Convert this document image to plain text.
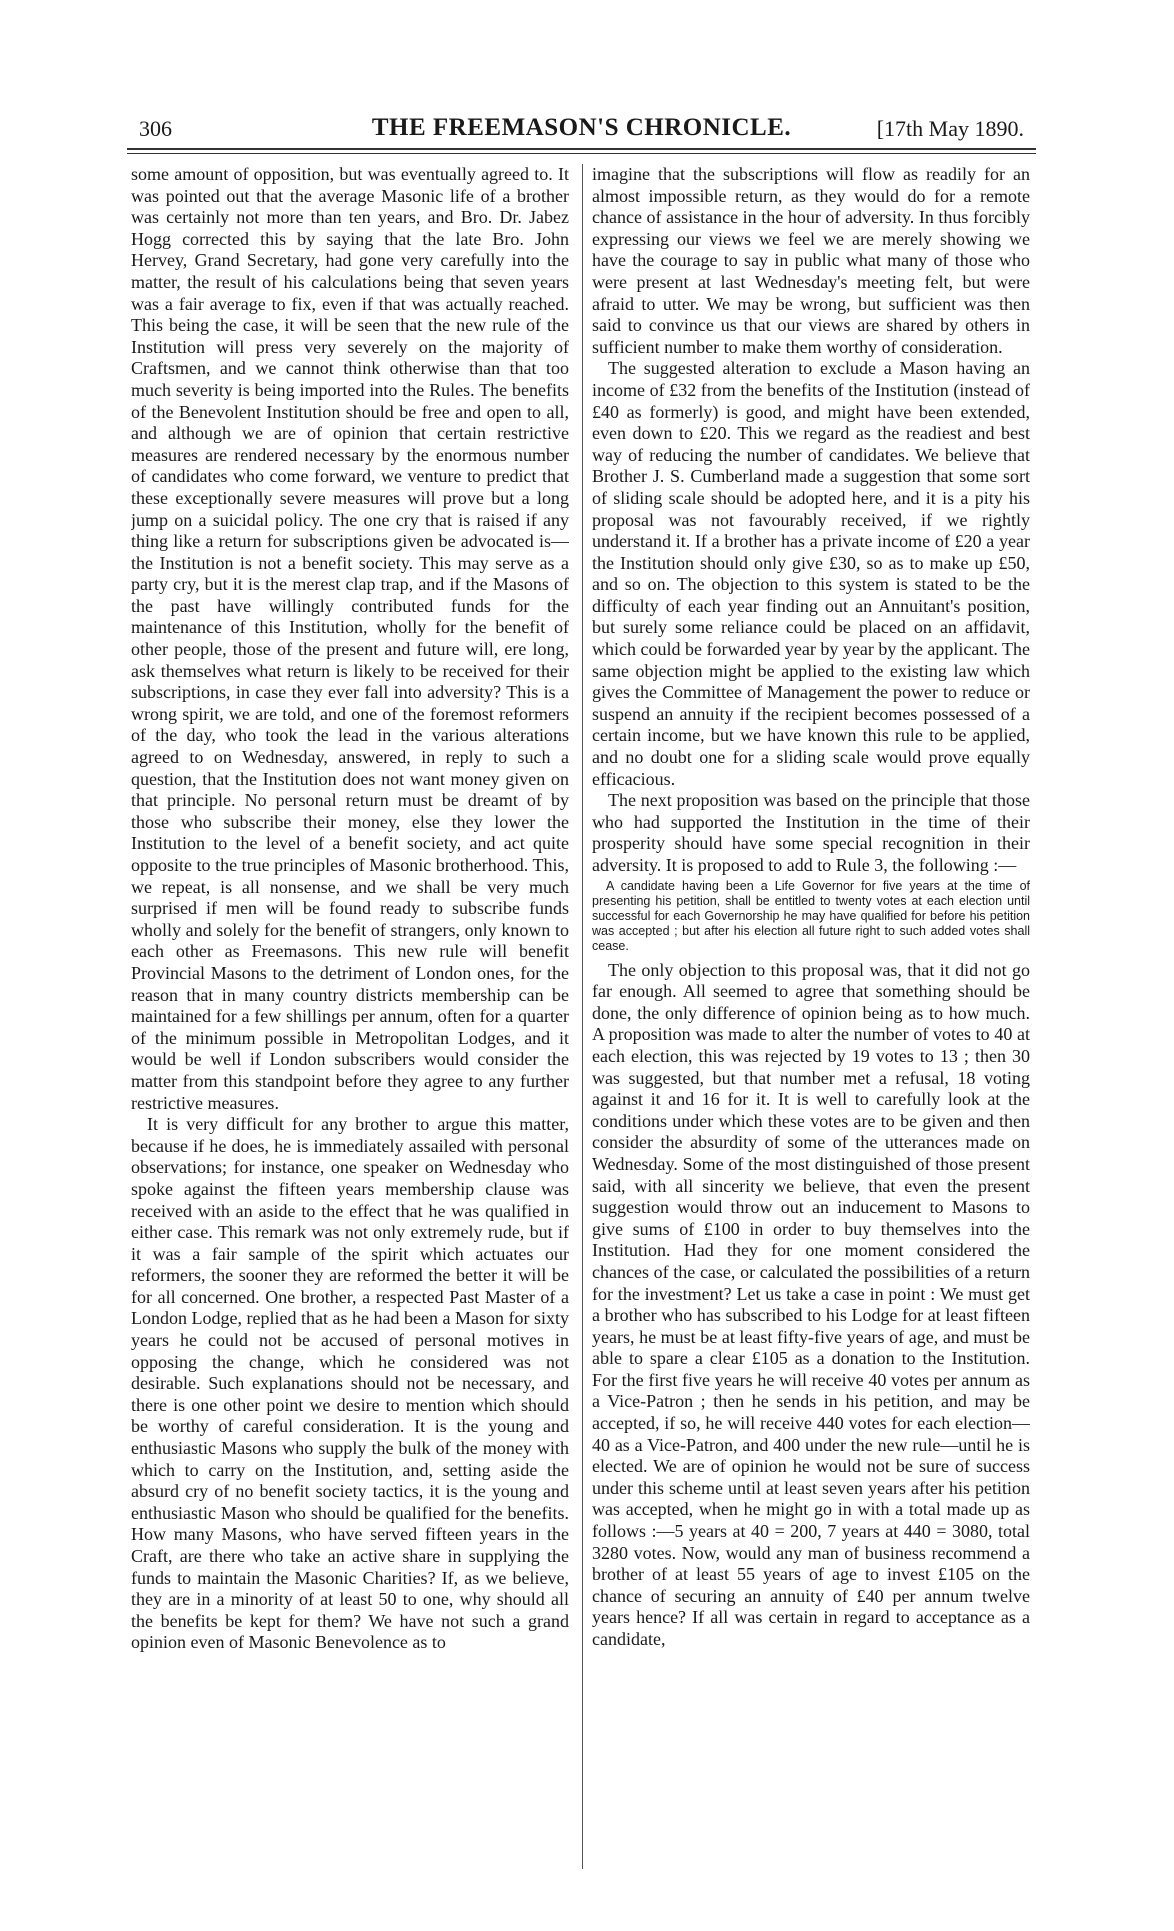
306	THE FREEMASON'S CHRONICLE.	[17th May 1890.

some amount of opposition, but was eventually agreed to. It was pointed out that the average Masonic life of a brother was certainly not more than ten years, and Bro. Dr. Jabez Hogg corrected this by saying that the late Bro. John Hervey, Grand Secretary, had gone very carefully into the matter, the result of his calculations being that seven years was a fair average to fix, even if that was actually reached. This being the case, it will be seen that the new rule of the Institution will press very severely on the majority of Craftsmen, and we cannot think otherwise than that too much severity is being imported into the Rules. The benefits of the Benevolent Institution should be free and open to all, and although we are of opinion that certain restrictive measures are rendered necessary by the enormous number of candidates who come forward, we venture to predict that these exceptionally severe measures will prove but a long jump on a suicidal policy. The one cry that is raised if any thing like a return for subscriptions given be advocated is—the Institution is not a benefit society. This may serve as a party cry, but it is the merest clap trap, and if the Masons of the past have willingly contributed funds for the maintenance of this Institution, wholly for the benefit of other people, those of the present and future will, ere long, ask themselves what return is likely to be received for their subscriptions, in case they ever fall into adversity? This is a wrong spirit, we are told, and one of the foremost reformers of the day, who took the lead in the various alterations agreed to on Wednesday, answered, in reply to such a question, that the Institution does not want money given on that principle. No personal return must be dreamt of by those who subscribe their money, else they lower the Institution to the level of a benefit society, and act quite opposite to the true principles of Masonic brotherhood. This, we repeat, is all nonsense, and we shall be very much surprised if men will be found ready to subscribe funds wholly and solely for the benefit of strangers, only known to each other as Freemasons. This new rule will benefit Provincial Masons to the detriment of London ones, for the reason that in many country districts membership can be maintained for a few shillings per annum, often for a quarter of the minimum possible in Metropolitan Lodges, and it would be well if London subscribers would consider the matter from this standpoint before they agree to any further restrictive measures.

It is very difficult for any brother to argue this matter, because if he does, he is immediately assailed with personal observations; for instance, one speaker on Wednesday who spoke against the fifteen years membership clause was received with an aside to the effect that he was qualified in either case. This remark was not only extremely rude, but if it was a fair sample of the spirit which actuates our reformers, the sooner they are reformed the better it will be for all concerned. One brother, a respected Past Master of a London Lodge, replied that as he had been a Mason for sixty years he could not be accused of personal motives in opposing the change, which he considered was not desirable. Such explanations should not be necessary, and there is one other point we desire to mention which should be worthy of careful consideration. It is the young and enthusiastic Masons who supply the bulk of the money with which to carry on the Institution, and, setting aside the absurd cry of no benefit society tactics, it is the young and enthusiastic Mason who should be qualified for the benefits. How many Masons, who have served fifteen years in the Craft, are there who take an active share in supplying the funds to maintain the Masonic Charities? If, as we believe, they are in a minority of at least 50 to one, why should all the benefits be kept for them? We have not such a grand opinion even of Masonic Benevolence as to

imagine that the subscriptions will flow as readily for an almost impossible return, as they would do for a remote chance of assistance in the hour of adversity. In thus forcibly expressing our views we feel we are merely showing we have the courage to say in public what many of those who were present at last Wednesday's meeting felt, but were afraid to utter. We may be wrong, but sufficient was then said to convince us that our views are shared by others in sufficient number to make them worthy of consideration.

The suggested alteration to exclude a Mason having an income of £32 from the benefits of the Institution (instead of £40 as formerly) is good, and might have been extended, even down to £20. This we regard as the readiest and best way of reducing the number of candidates. We believe that Brother J. S. Cumberland made a suggestion that some sort of sliding scale should be adopted here, and it is a pity his proposal was not favourably received, if we rightly understand it. If a brother has a private income of £20 a year the Institution should only give £30, so as to make up £50, and so on. The objection to this system is stated to be the difficulty of each year finding out an Annuitant's position, but surely some reliance could be placed on an affidavit, which could be forwarded year by year by the applicant. The same objection might be applied to the existing law which gives the Committee of Management the power to reduce or suspend an annuity if the recipient becomes possessed of a certain income, but we have known this rule to be applied, and no doubt one for a sliding scale would prove equally efficacious.

The next proposition was based on the principle that those who had supported the Institution in the time of their prosperity should have some special recognition in their adversity. It is proposed to add to Rule 3, the following :—

A candidate having been a Life Governor for five years at the time of presenting his petition, shall be entitled to twenty votes at each election until successful for each Governorship he may have qualified for before his petition was accepted ; but after his election all future right to such added votes shall cease.

The only objection to this proposal was, that it did not go far enough. All seemed to agree that something should be done, the only difference of opinion being as to how much. A proposition was made to alter the number of votes to 40 at each election, this was rejected by 19 votes to 13 ; then 30 was suggested, but that number met a refusal, 18 voting against it and 16 for it. It is well to carefully look at the conditions under which these votes are to be given and then consider the absurdity of some of the utterances made on Wednesday. Some of the most distinguished of those present said, with all sincerity we believe, that even the present suggestion would throw out an inducement to Masons to give sums of £100 in order to buy themselves into the Institution. Had they for one moment considered the chances of the case, or calculated the possibilities of a return for the investment? Let us take a case in point : We must get a brother who has subscribed to his Lodge for at least fifteen years, he must be at least fifty-five years of age, and must be able to spare a clear £105 as a donation to the Institution. For the first five years he will receive 40 votes per annum as a Vice-Patron ; then he sends in his petition, and may be accepted, if so, he will receive 440 votes for each election—40 as a Vice-Patron, and 400 under the new rule—until he is elected. We are of opinion he would not be sure of success under this scheme until at least seven years after his petition was accepted, when he might go in with a total made up as follows :—5 years at 40 = 200, 7 years at 440 = 3080, total 3280 votes. Now, would any man of business recommend a brother of at least 55 years of age to invest £105 on the chance of securing an annuity of £40 per annum twelve years hence? If all was certain in regard to acceptance as a candidate,
